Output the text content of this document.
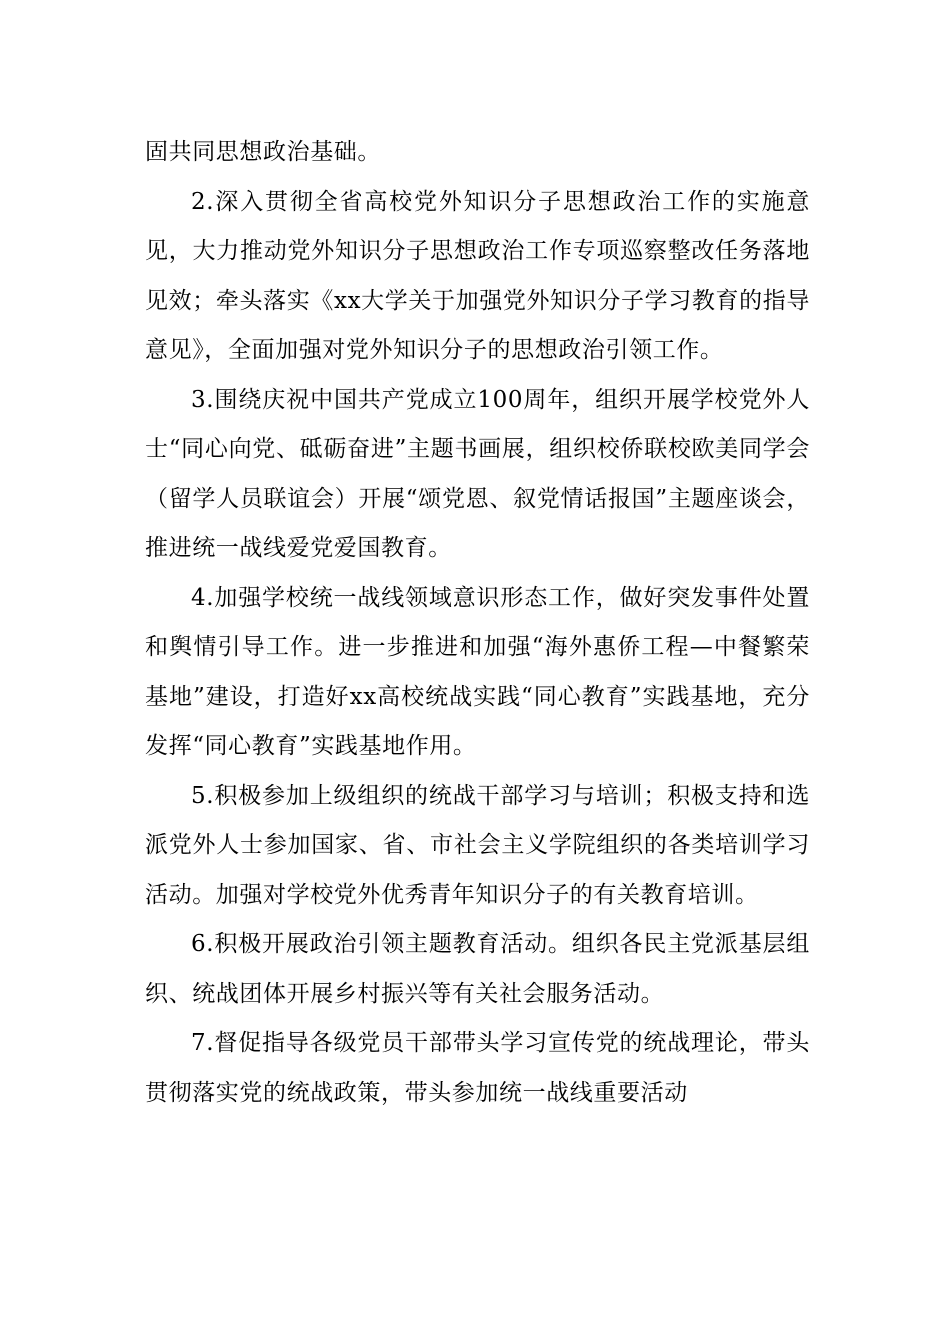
固共同思想政治基础。

2.深入贯彻全省高校党外知识分子思想政治工作的实施意见，大力推动党外知识分子思想政治工作专项巡察整改任务落地见效；牵头落实《xx大学关于加强党外知识分子学习教育的指导意见》，全面加强对党外知识分子的思想政治引领工作。

3.围绕庆祝中国共产党成立100周年，组织开展学校党外人士“同心向党、砥砺奋进”主题书画展，组织校侨联校欧美同学会（留学人员联谊会）开展“颂党恩、叙党情话报国”主题座谈会，推进统一战线爱党爱国教育。

4.加强学校统一战线领域意识形态工作，做好突发事件处置和舆情引导工作。进一步推进和加强“海外惠侨工程—中餐繁荣基地”建设，打造好xx高校统战实践“同心教育”实践基地，充分发挥“同心教育”实践基地作用。

5.积极参加上级组织的统战干部学习与培训；积极支持和选派党外人士参加国家、省、市社会主义学院组织的各类培训学习活动。加强对学校党外优秀青年知识分子的有关教育培训。

6.积极开展政治引领主题教育活动。组织各民主党派基层组织、统战团体开展乡村振兴等有关社会服务活动。

7.督促指导各级党员干部带头学习宣传党的统战理论，带头贯彻落实党的统战政策，带头参加统一战线重要活动
